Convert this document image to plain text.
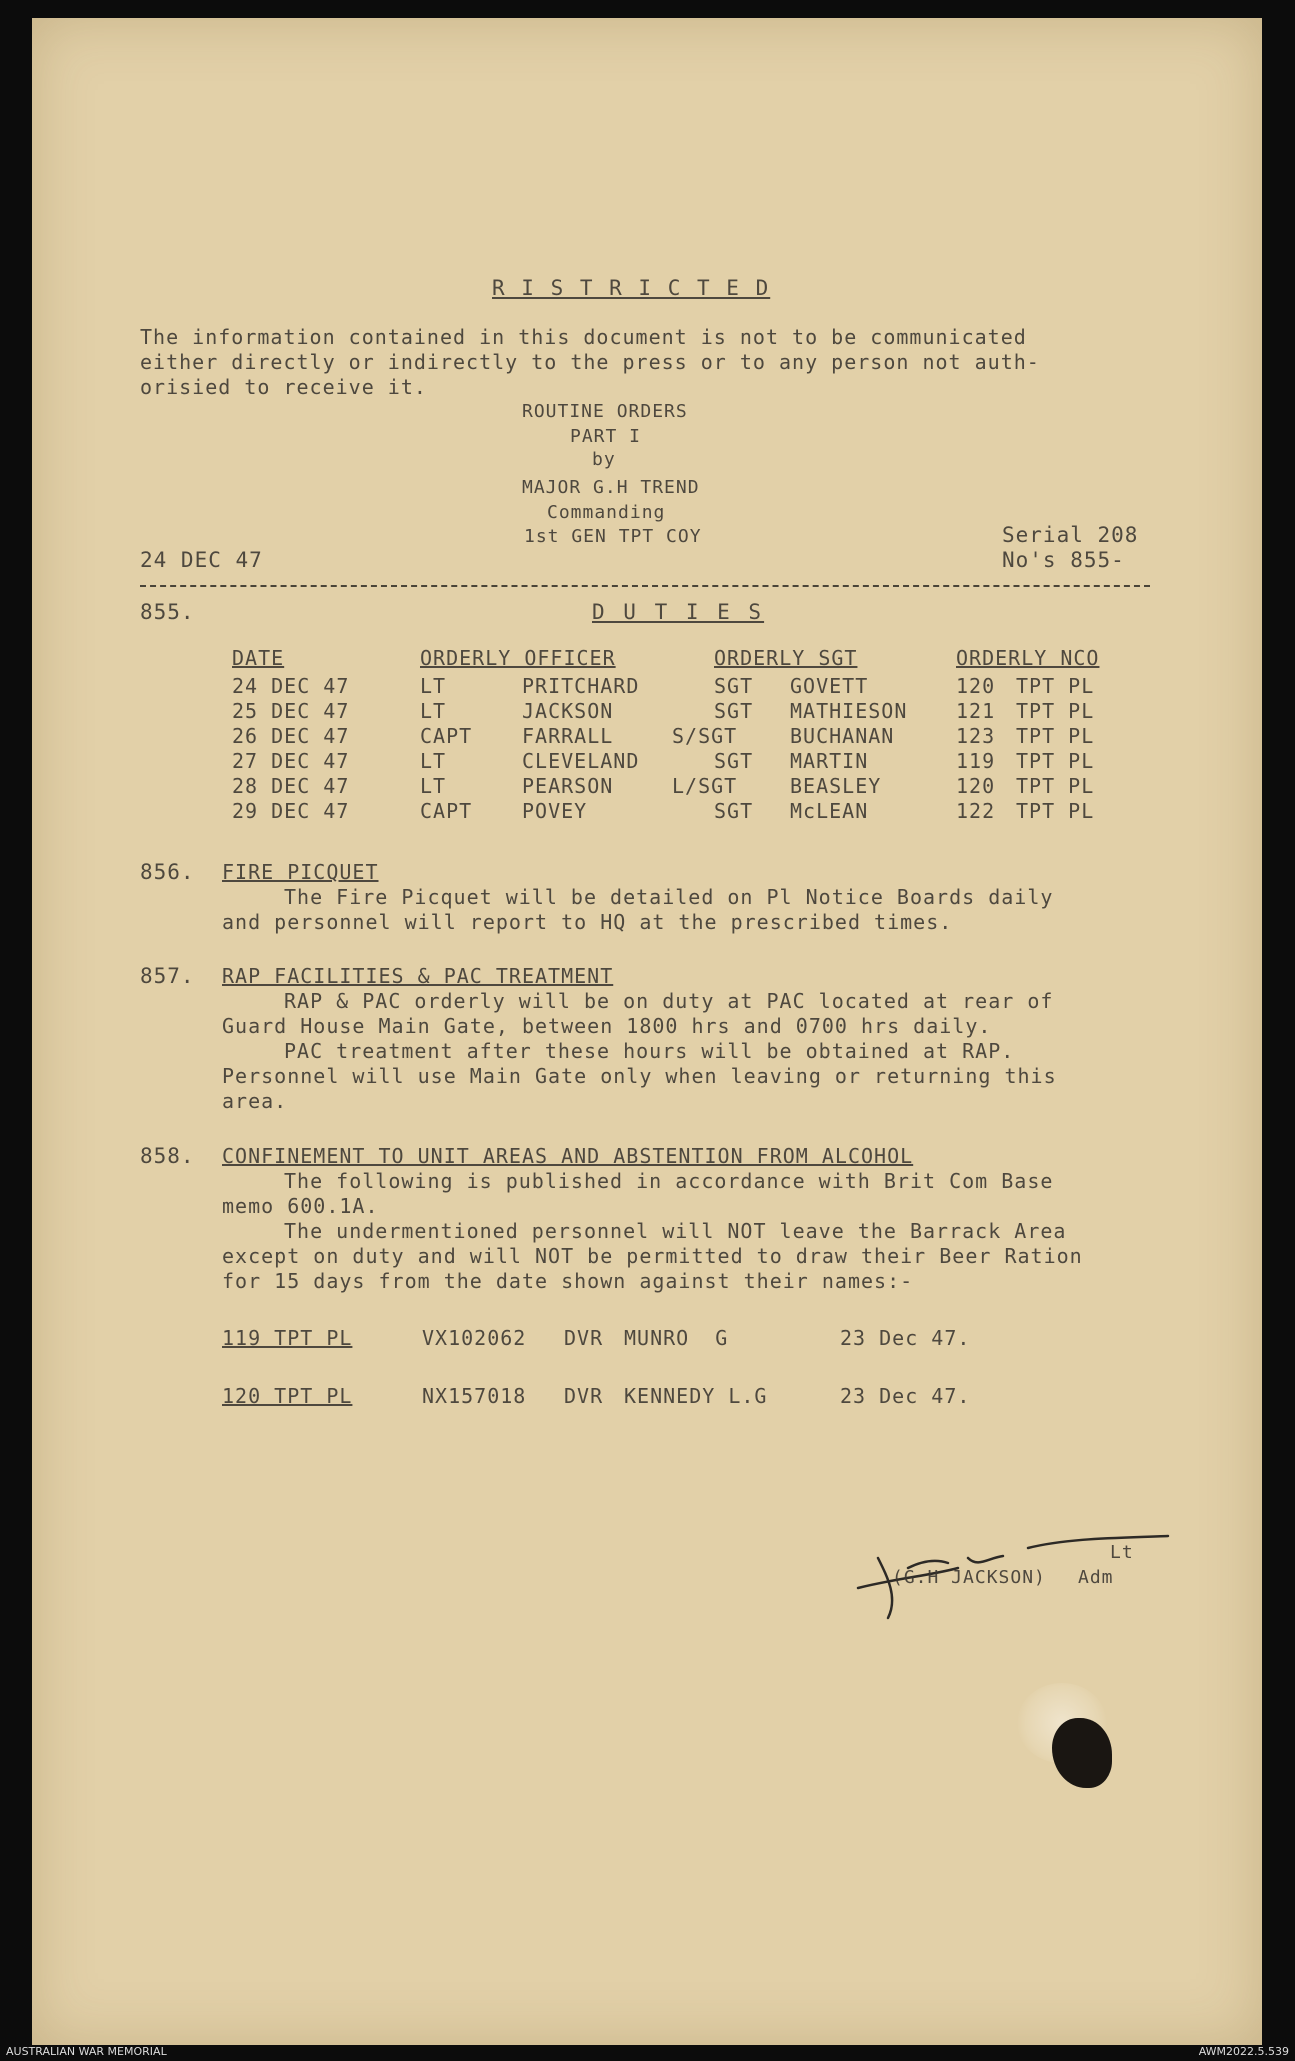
R I S T R I C T E D
The information contained in this document is not to be communicated
either directly or indirectly to the press or to any person not auth-
orisied to receive it.
ROUTINE ORDERS
PART I
by
MAJOR G.H TREND
Commanding
1st GEN TPT COY
24 DEC 47
Serial 208
No's 855-
855.	D U T I E S
DATE	ORDERLY OFFICER	ORDERLY SGT	ORDERLY NCO
24 DEC 47	LT	PRITCHARD	SGT GOVETT	120 TPT PL
25 DEC 47	LT	JACKSON	SGT MATHIESON 121 TPT PL
26 DEC 47	CAPT FARRALL	S/SGT	BUCHANAN	123 TPT PL
27 DEC 47	LT	CLEVELAND	SGT MARTIN	119 TPT PL
28 DEC 47	LT	PEARSON	L/SGT	BEASLEY	120 TPT PL
29 DEC 47	CAPT POVEY	SGT McLEAN	122 TPT PL
856. FIRE PICQUET
The Fire Picquet will be detailed on Pl Notice Boards daily
and personnel will report to HQ at the prescribed times.
857. RAP FACILITIES & PAC TREATMENT
RAP & PAC orderly will be on duty at PAC located at rear of
Guard House Main Gate, between 1800 hrs and 0700 hrs daily.
PAC treatment after these hours will be obtained at RAP.
Personnel will use Main Gate only when leaving or returning this
area.
858. CONFINEMENT TO UNIT AREAS AND ABSTENTION FROM ALCOHOL
The following is published in accordance with Brit Com Base
memo 600.1A.
The undermentioned personnel will NOT leave the Barrack Area
except on duty and will NOT be permitted to draw their Beer Ration
for 15 days from the date shown against their names:-
119 TPT PL	VX102062 DVR MUNRO  G	23 Dec 47.
120 TPT PL	NX157018 DVR KENNEDY L.G	23 Dec 47.
Lt
(G.H JACKSON) Adm
AUSTRALIAN WAR MEMORIAL	AWM2022.5.539
